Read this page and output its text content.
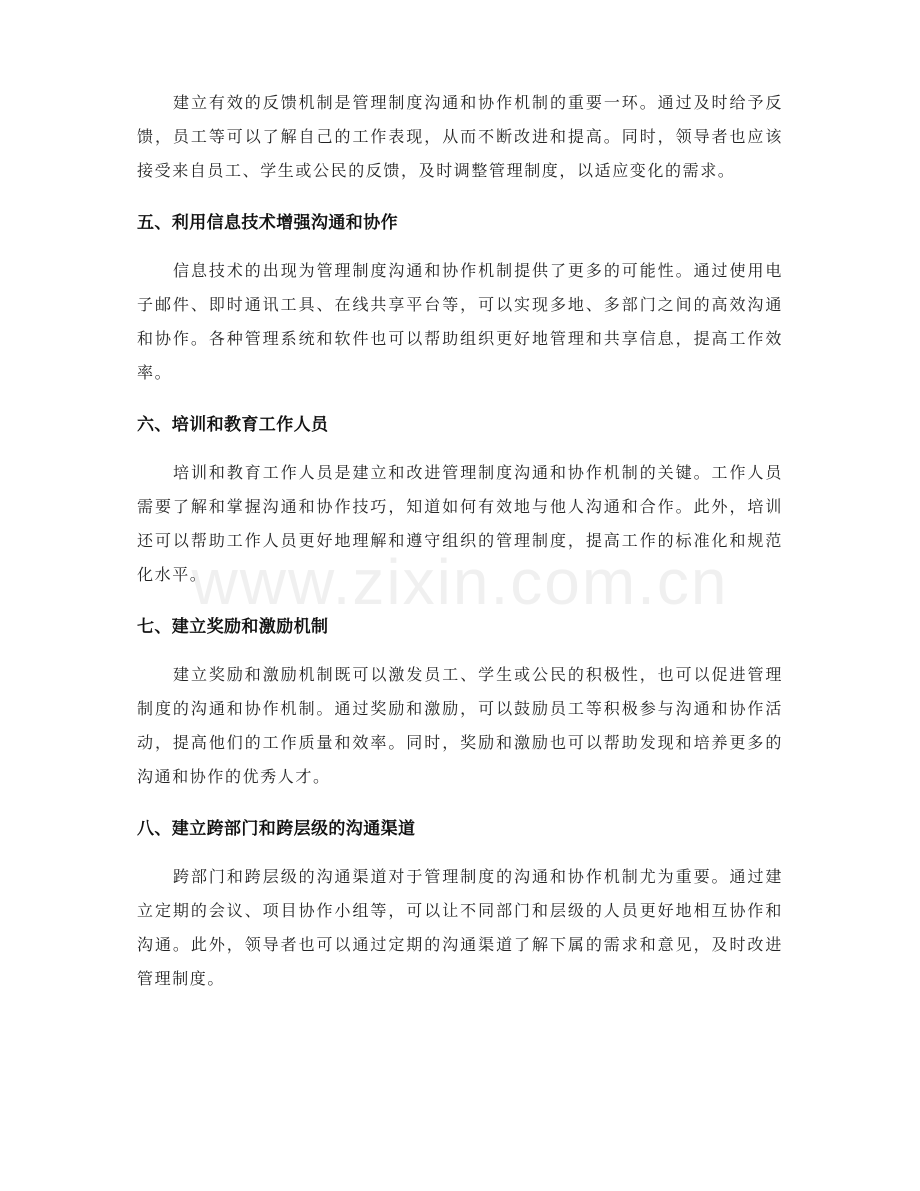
www.zixin.com.cn

建立有效的反馈机制是管理制度沟通和协作机制的重要一环。通过及时给予反馈，员工等可以了解自己的工作表现，从而不断改进和提高。同时，领导者也应该接受来自员工、学生或公民的反馈，及时调整管理制度，以适应变化的需求。

五、利用信息技术增强沟通和协作

信息技术的出现为管理制度沟通和协作机制提供了更多的可能性。通过使用电子邮件、即时通讯工具、在线共享平台等，可以实现多地、多部门之间的高效沟通和协作。各种管理系统和软件也可以帮助组织更好地管理和共享信息，提高工作效率。

六、培训和教育工作人员

培训和教育工作人员是建立和改进管理制度沟通和协作机制的关键。工作人员需要了解和掌握沟通和协作技巧，知道如何有效地与他人沟通和合作。此外，培训还可以帮助工作人员更好地理解和遵守组织的管理制度，提高工作的标准化和规范化水平。

七、建立奖励和激励机制

建立奖励和激励机制既可以激发员工、学生或公民的积极性，也可以促进管理制度的沟通和协作机制。通过奖励和激励，可以鼓励员工等积极参与沟通和协作活动，提高他们的工作质量和效率。同时，奖励和激励也可以帮助发现和培养更多的沟通和协作的优秀人才。

八、建立跨部门和跨层级的沟通渠道

跨部门和跨层级的沟通渠道对于管理制度的沟通和协作机制尤为重要。通过建立定期的会议、项目协作小组等，可以让不同部门和层级的人员更好地相互协作和沟通。此外，领导者也可以通过定期的沟通渠道了解下属的需求和意见，及时改进管理制度。
